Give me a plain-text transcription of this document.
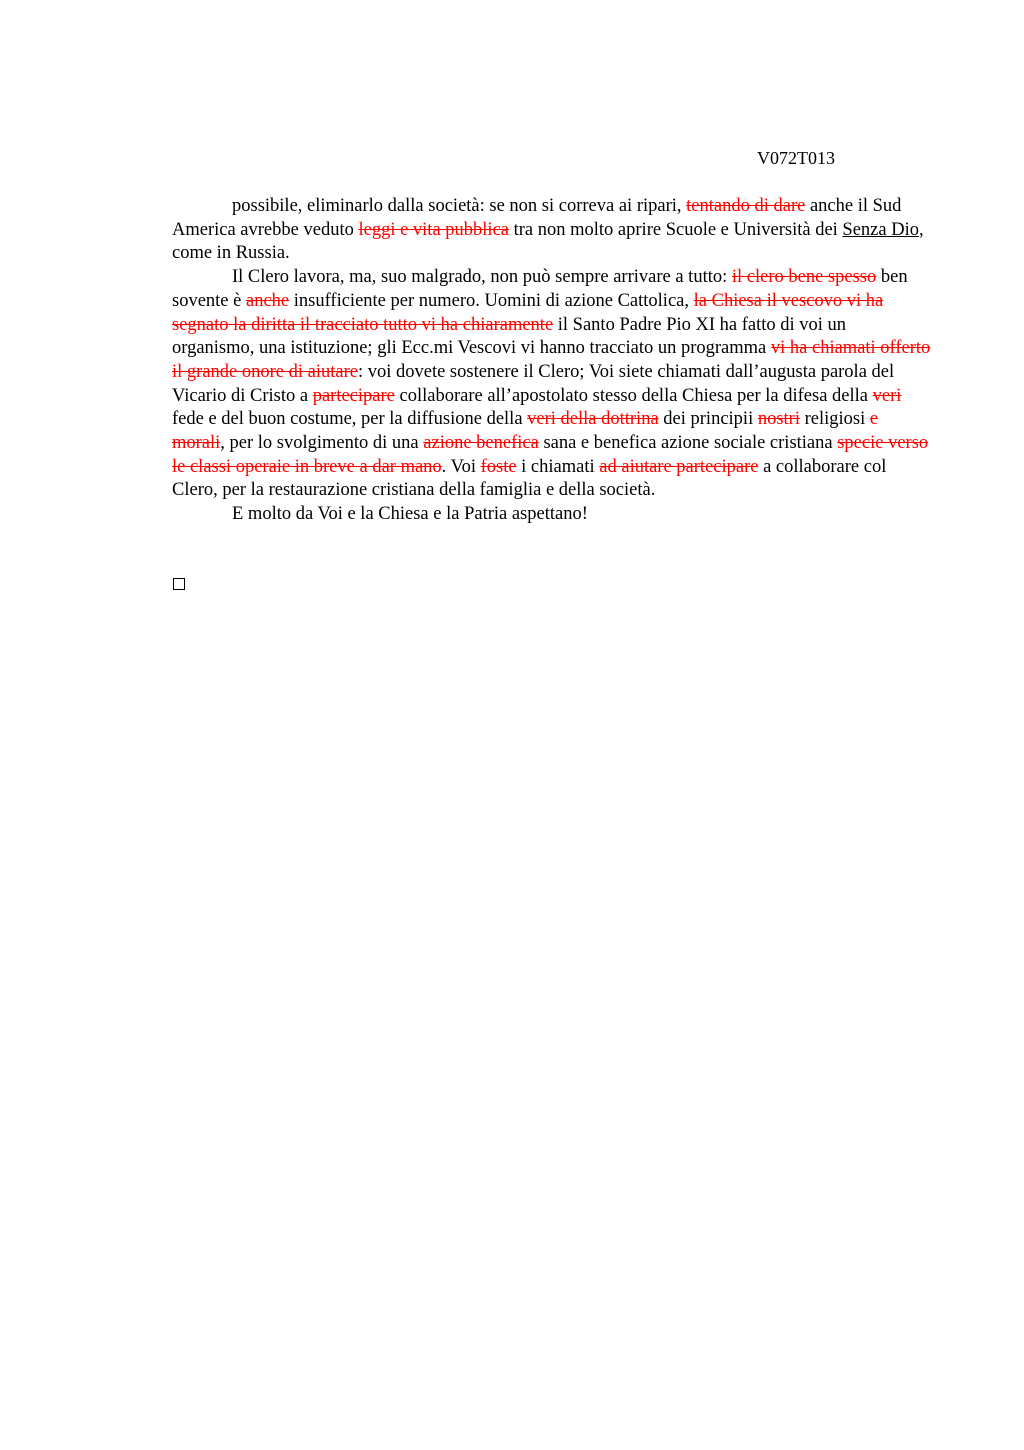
V072T013

possibile, eliminarlo dalla società: se non si correva ai ripari, tentando di dare anche il Sud America avrebbe veduto leggi e vita pubblica tra non molto aprire Scuole e Università dei Senza Dio, come in Russia.

Il Clero lavora, ma, suo malgrado, non può sempre arrivare a tutto: il clero bene spesso ben sovente è anche insufficiente per numero. Uomini di azione Cattolica, la Chiesa il vescovo vi ha segnato la diritta il tracciato tutto vi ha chiaramente il Santo Padre Pio XI ha fatto di voi un organismo, una istituzione; gli Ecc.mi Vescovi vi hanno tracciato un programma vi ha chiamati offerto il grande onore di aiutare: voi dovete sostenere il Clero; Voi siete chiamati dall’augusta parola del Vicario di Cristo a partecipare collaborare all’apostolato stesso della Chiesa per la difesa della veri fede e del buon costume, per la diffusione della veri della dottrina dei principii nostri religiosi e morali, per lo svolgimento di una azione benefica sana e benefica azione sociale cristiana specie verso le classi operaie in breve a dar mano. Voi foste i chiamati ad aiutare partecipare a collaborare col Clero, per la restaurazione cristiana della famiglia e della società.

E molto da Voi e la Chiesa e la Patria aspettano!
